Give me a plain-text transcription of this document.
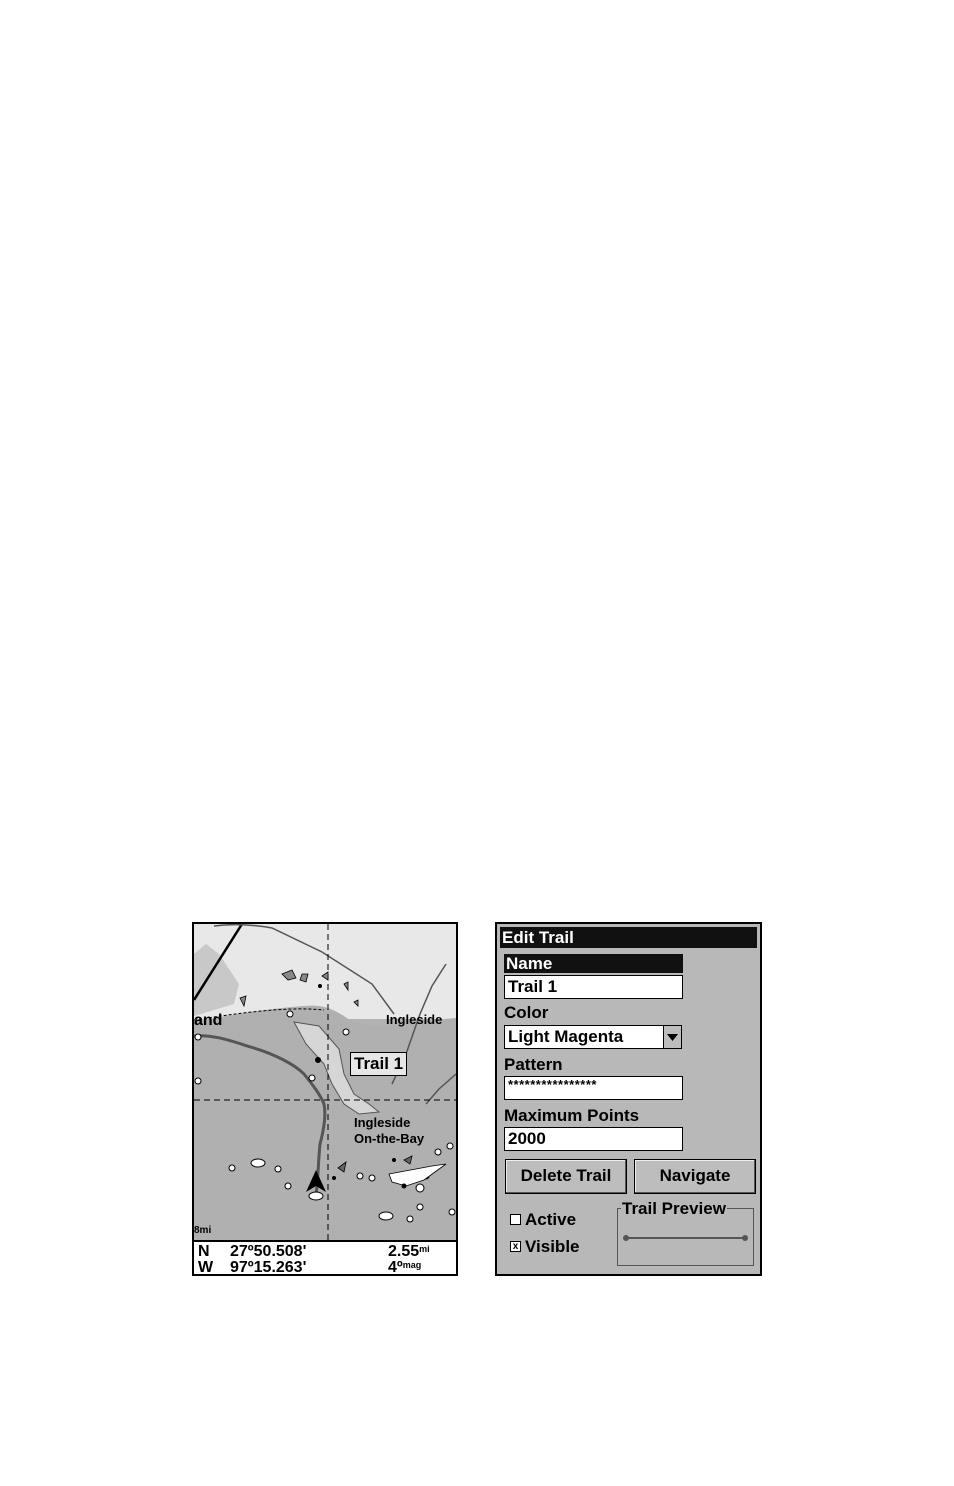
and	Ingleside
Ingleside
On-the-Bay
Trail 1
8mi
N 27º50.508'
W 97º15.263'
$2.55^{mi}$
4º$^{mag}$
Edit Trail
Name
Trail 1
Color
Light Magenta
Pattern
****************
Maximum Points
2000
Delete Trail	Navigate
Active
x Visible
Trail Preview
